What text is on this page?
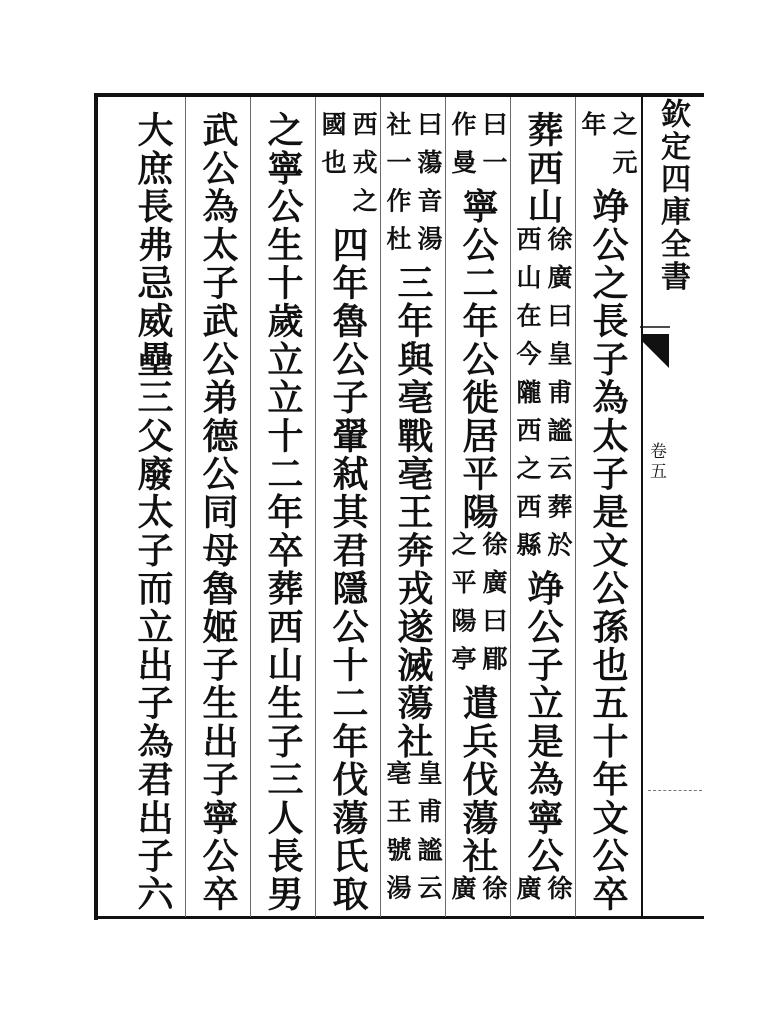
欽定四庫全書
卷五
之元
年
竫公之長子為太子是文公孫也五十年文公卒
葬西山
徐廣曰皇甫謐云葬於
西山在今隴西之西縣
竫公子立是為寧公
徐
廣
曰一
作曼
寧公二年公徙居平陽
徐廣曰郿
之平陽亭
遣兵伐蕩社
徐
廣
曰蕩音湯
社一作杜
三年與亳戰亳王奔戎遂滅蕩社
皇甫謐云
亳王號湯
西戎之
國也
四年魯公子翬弒其君隱公十二年伐蕩氏取
之寧公生十歲立立十二年卒葬西山生子三人長男
武公為太子武公弟德公同母魯姬子生出子寧公卒
大庶長弗忌威壘三父廢太子而立出子為君出子六
